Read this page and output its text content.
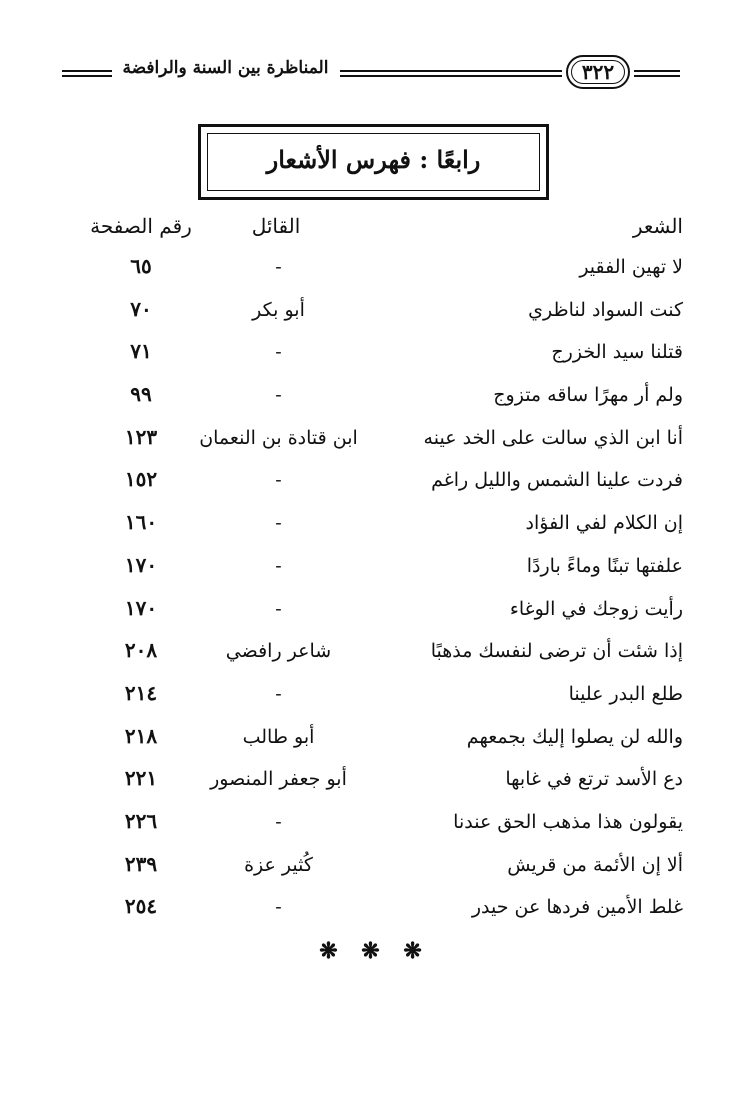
المناظرة بين السنة والرافضة	٣٢٢
رابعًا : فهرس الأشعار
الشعر
القائل
رقم الصفحة
لا تهين الفقير
-
٦٥
كنت السواد لناظري
أبو بكر
٧٠
قتلنا سيد الخزرج
-
٧١
ولم أر مهرًا ساقه متزوج
-
٩٩
أنا ابن الذي سالت على الخد عينه
ابن قتادة بن النعمان
١٢٣
فردت علينا الشمس والليل راغم
-
١٥٢
إن الكلام لفي الفؤاد
-
١٦٠
علفتها تبنًا وماءً باردًا
-
١٧٠
رأيت زوجك في الوغاء
-
١٧٠
إذا شئت أن ترضى لنفسك مذهبًا
شاعر رافضي
٢٠٨
طلع البدر علينا
-
٢١٤
والله لن يصلوا إليك بجمعهم
أبو طالب
٢١٨
دع الأسد ترتع في غابها
أبو جعفر المنصور
٢٢١
يقولون هذا مذهب الحق عندنا
-
٢٢٦
ألا إن الأئمة من قريش
كُثير عزة
٢٣٩
غلط الأمين فردها عن حيدر
-
٢٥٤
❋ ❋ ❋
